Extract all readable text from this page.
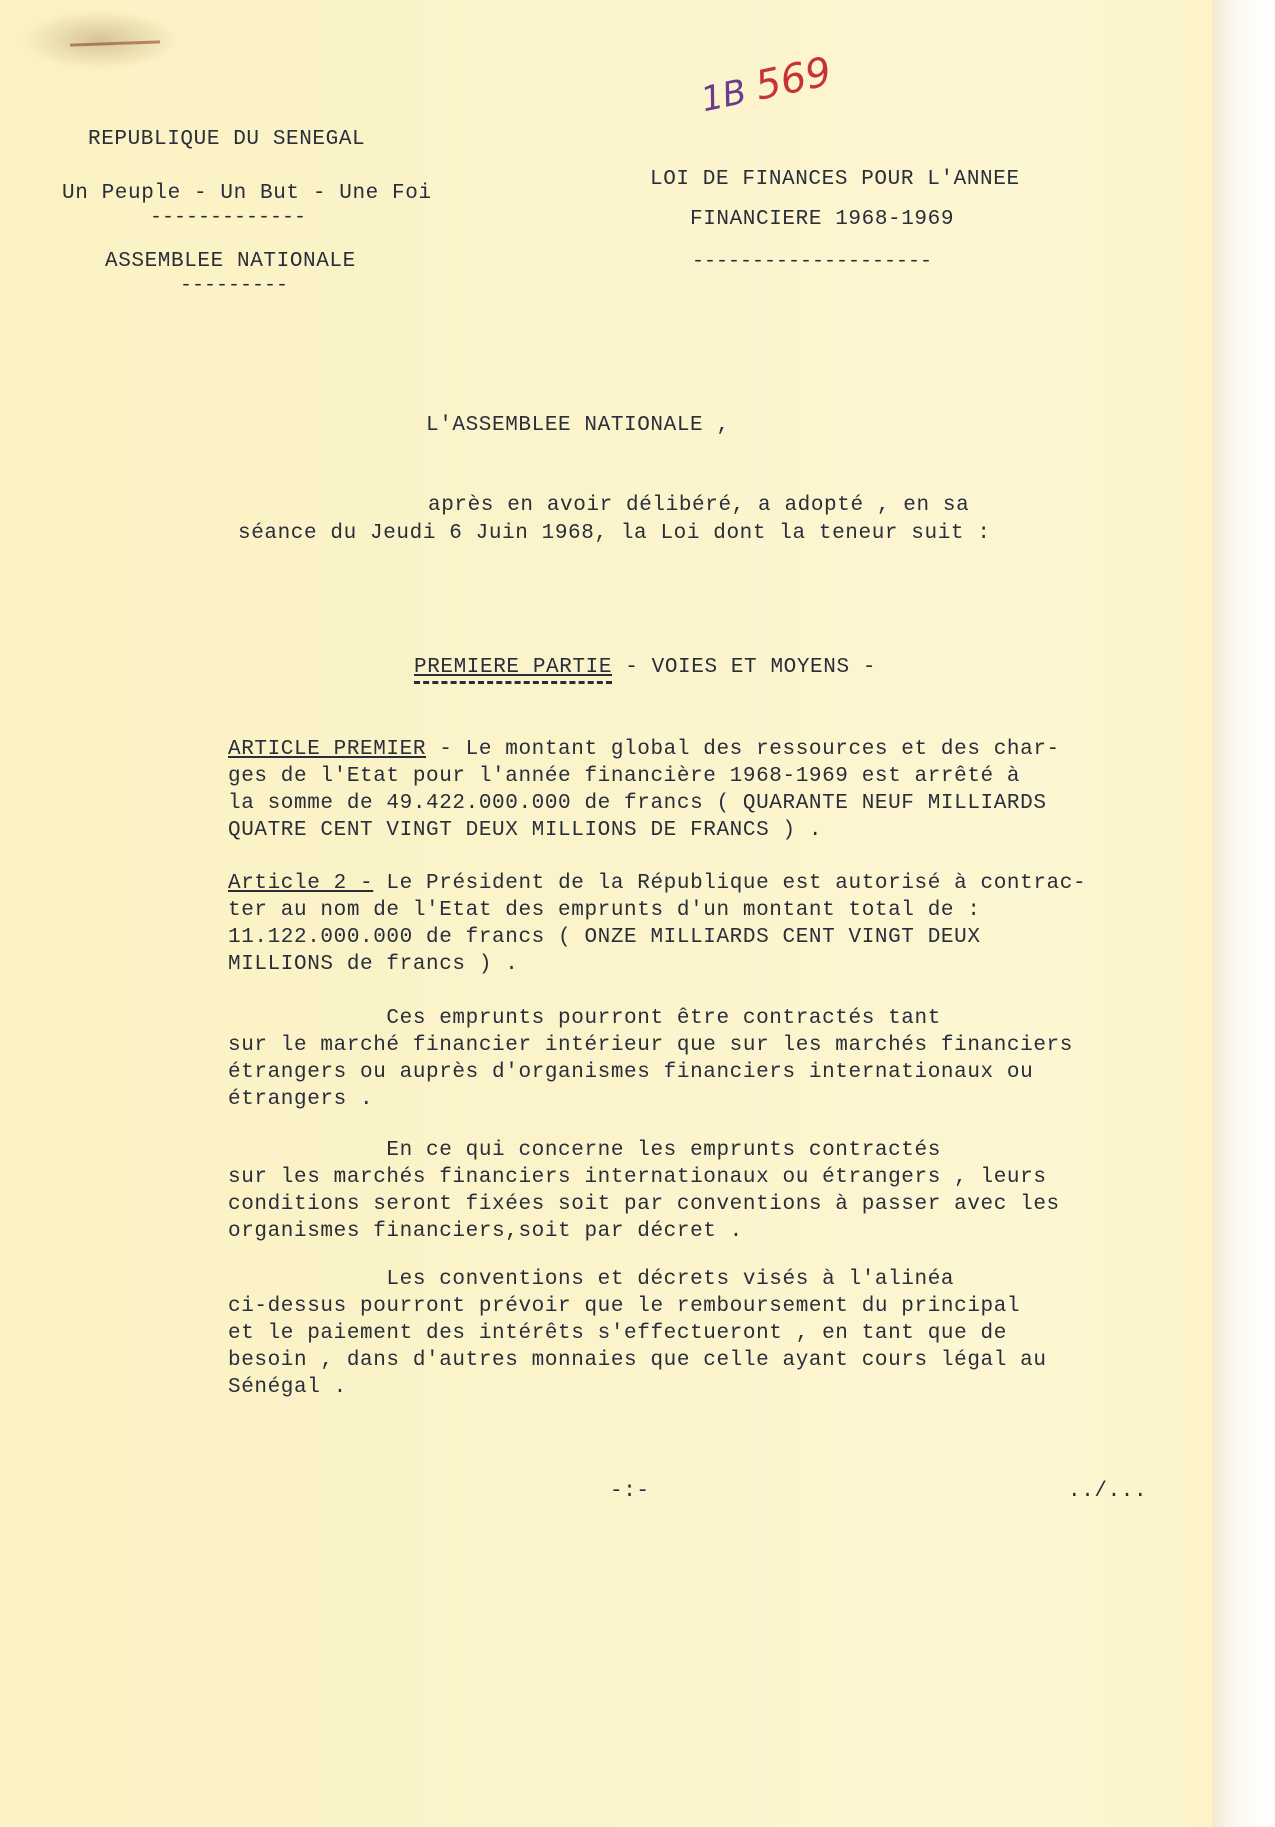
REPUBLIQUE DU SENEGAL
Un Peuple - Un But - Une Foi
-------------
ASSEMBLEE NATIONALE
---------
1B 569
LOI DE FINANCES POUR L'ANNEE
FINANCIERE 1968-1969
--------------------
L'ASSEMBLEE NATIONALE ,
après en avoir délibéré, a adopté , en sa
séance du Jeudi 6 Juin 1968, la Loi dont la teneur suit :
PREMIERE PARTIE - VOIES ET MOYENS -
ARTICLE PREMIER - Le montant global des ressources et des char-
ges de l'Etat pour l'année financière 1968-1969 est arrêté à
la somme de 49.422.000.000 de francs ( QUARANTE NEUF MILLIARDS
QUATRE CENT VINGT DEUX MILLIONS DE FRANCS ) .
Article 2 - Le Président de la République est autorisé à contrac-
ter au nom de l'Etat des emprunts d'un montant total de :
11.122.000.000 de francs ( ONZE MILLIARDS CENT VINGT DEUX
MILLIONS de francs ) .
Ces emprunts pourront être contractés tant
sur le marché financier intérieur que sur les marchés financiers
étrangers ou auprès d'organismes financiers internationaux ou
étrangers .
En ce qui concerne les emprunts contractés
sur les marchés financiers internationaux ou étrangers , leurs
conditions seront fixées soit par conventions à passer avec les
organismes financiers,soit par décret .
Les conventions et décrets visés à l'alinéa
ci-dessus pourront prévoir que le remboursement du principal
et le paiement des intérêts s'effectueront , en tant que de
besoin , dans d'autres monnaies que celle ayant cours légal au
Sénégal .
-:-	../...
